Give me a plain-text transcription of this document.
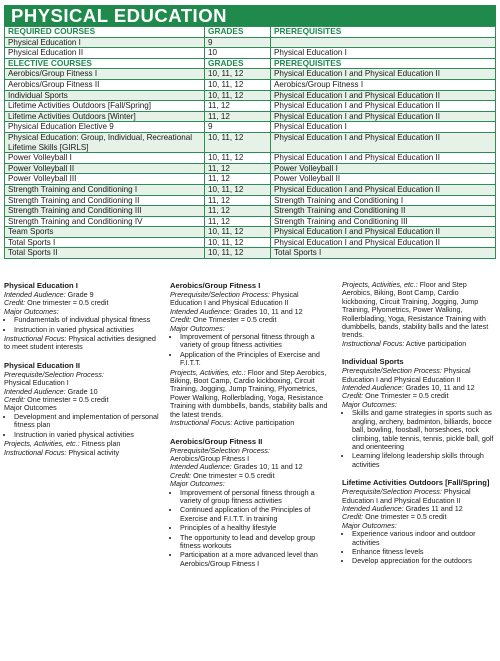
PHYSICAL EDUCATION
REQUIRED COURSES	GRADES	PREREQUISITES
Physical Education I	9	
Physical Education II	10	Physical Education I
ELECTIVE COURSES	GRADES	PREREQUISITES
Aerobics/Group Fitness I	10, 11, 12	Physical Education I and Physical Education II
Aerobics/Group Fitness II	10, 11, 12	Aerobics/Group Fitness I
Individual Sports	10, 11, 12	Physical Education I and Physical Education II
Lifetime Activities Outdoors [Fall/Spring]	11, 12	Physical Education I and Physical Education II
Lifetime Activities Outdoors [Winter]	11, 12	Physical Education I and Physical Education II
Physical Education Elective 9	9	Physical Education I
Physical Education: Group, Individual, Recreational Lifetime Skills [GIRLS]	10, 11, 12	Physical Education I and Physical Education II
Power Volleyball I	10, 11, 12	Physical Education I and Physical Education II
Power Volleyball II	11, 12	Power Volleyball I
Power Volleyball III	11, 12	Power Volleyball II
Strength Training and Conditioning I	10, 11, 12	Physical Education I and Physical Education II
Strength Training and Conditioning II	11, 12	Strength Training and Conditioning I
Strength Training and Conditioning III	11, 12	Strength Training and Conditioning II
Strength Training and Conditioning IV	11, 12	Strength Training and Conditioning III
Team Sports	10, 11, 12	Physical Education I and Physical Education II
Total Sports I	10, 11, 12	Physical Education I and Physical Education II
Total Sports II	10, 11, 12	Total Sports I
Physical Education I
Intended Audience: Grade 9
Credit: One trimester = 0.5 credit
Major Outcomes:
• Fundamentals of individual physical fitness
• Instruction in varied physical activities
Instructional Focus: Physical activities designed to meet student interests
Physical Education II
Prerequisite/Selection Process:
Physical Education I
Intended Audience: Grade 10
Credit: One trimester = 0.5 credit
Major Outcomes
• Development and implementation of personal fitness plan
• Instruction in varied physical activities
Projects, Activities, etc.: Fitness plan
Instructional Focus: Physical activity
Aerobics/Group Fitness I
Prerequisite/Selection Process: Physical Education I and Physical Education II
Intended Audience: Grades 10, 11 and 12
Credit: One Trimester = 0.5 credit
Major Outcomes:
• Improvement of personal fitness through a variety of group fitness activities
• Application of the Principles of Exercise and F.I.T.T.
Projects, Activities, etc.: Floor and Step Aerobics, Biking, Boot Camp, Cardio kickboxing, Circuit Training, Jogging, Jump Training, Plyometrics, Power Walking, Rollerblading, Yoga, Resistance Training with dumbbells, bands, stability balls and the latest trends.
Instructional Focus: Active participation
Aerobics/Group Fitness II
Prerequisite/Selection Process:
Aerobics/Group Fitness I
Intended Audience: Grades 10, 11 and 12
Credit: One trimester = 0.5 credit
Major Outcomes:
• Improvement of personal fitness through a variety of group fitness activities
• Continued application of the Principles of Exercise and F.I.T.T. in training
• Principles of a healthy lifestyle
• The opportunity to lead and develop group fitness workouts
• Participation at a more advanced level than Aerobics/Group Fitness I
Projects, Activities, etc.: Floor and Step Aerobics, Biking, Boot Camp, Cardio kickboxing, Circuit Training, Jogging, Jump Training, Plyometrics, Power Walking, Rollerblading, Yoga, Resistance Training with dumbbells, bands, stability balls and the latest trends.
Instructional Focus: Active participation
Individual Sports
Prerequisite/Selection Process: Physical Education I and Physical Education II
Intended Audience: Grades 10, 11 and 12
Credit: One Trimester = 0.5 credit
Major Outcomes:
• Skills and game strategies in sports such as angling, archery, badminton, billiards, bocce ball, bowling, foosball, horseshoes, rock climbing, table tennis, tennis, pickle ball, golf and orienteering
• Learning lifelong leadership skills through activities
Lifetime Activities Outdoors [Fall/Spring]
Prerequisite/Selection Process: Physical Education I and Physical Education II
Intended Audience: Grades 11 and 12
Credit: One trimester = 0.5 credit
Major Outcomes:
• Experience various indoor and outdoor activities
• Enhance fitness levels
• Develop appreciation for the outdoors
